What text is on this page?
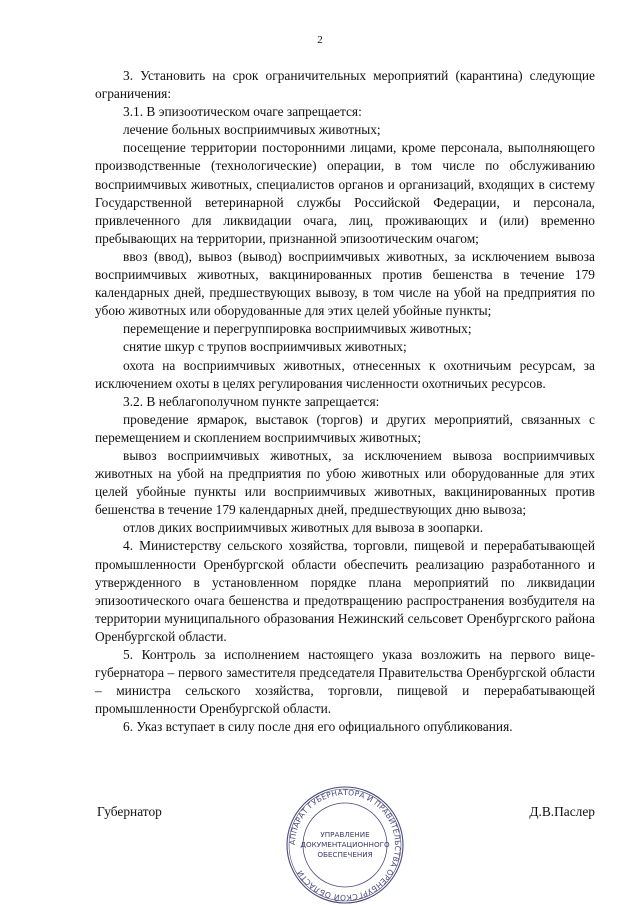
2

3. Установить на срок ограничительных мероприятий (карантина) следующие ограничения:

3.1. В эпизоотическом очаге запрещается:

лечение больных восприимчивых животных;

посещение территории посторонними лицами, кроме персонала, выполняющего производственные (технологические) операции, в том числе по обслуживанию восприимчивых животных, специалистов органов и организаций, входящих в систему Государственной ветеринарной службы Российской Федерации, и персонала, привлеченного для ликвидации очага, лиц, проживающих и (или) временно пребывающих на территории, признанной эпизоотическим очагом;

ввоз (ввод), вывоз (вывод) восприимчивых животных, за исключением вывоза восприимчивых животных, вакцинированных против бешенства в течение 179 календарных дней, предшествующих вывозу, в том числе на убой на предприятия по убою животных или оборудованные для этих целей убойные пункты;

перемещение и перегруппировка восприимчивых животных;

снятие шкур с трупов восприимчивых животных;

охота на восприимчивых животных, отнесенных к охотничьим ресурсам, за исключением охоты в целях регулирования численности охотничьих ресурсов.

3.2. В неблагополучном пункте запрещается:

проведение ярмарок, выставок (торгов) и других мероприятий, связанных с перемещением и скоплением восприимчивых животных;

вывоз восприимчивых животных, за исключением вывоза восприимчивых животных на убой на предприятия по убою животных или оборудованные для этих целей убойные пункты или восприимчивых животных, вакцинированных против бешенства в течение 179 календарных дней, предшествующих дню вывоза;

отлов диких восприимчивых животных для вывоза в зоопарки.

4. Министерству сельского хозяйства, торговли, пищевой и перерабатывающей промышленности Оренбургской области обеспечить реализацию разработанного и утвержденного в установленном порядке плана мероприятий по ликвидации эпизоотического очага бешенства и предотвращению распространения возбудителя на территории муниципального образования Нежинский сельсовет Оренбургского района Оренбургской области.

5. Контроль за исполнением настоящего указа возложить на первого вице-губернатора – первого заместителя председателя Правительства Оренбургской области – министра сельского хозяйства, торговли, пищевой и перерабатывающей промышленности Оренбургской области.

6. Указ вступает в силу после дня его официального опубликования.

Губернатор	Д.В.Паслер
АППАРАТ ГУБЕРНАТОРА И ПРАВИТЕЛЬСТВА ОРЕНБУРГСКОЙ ОБЛАСТИ
УПРАВЛЕНИЕ
ДОКУМЕНТАЦИОННОГО
ОБЕСПЕЧЕНИЯ
